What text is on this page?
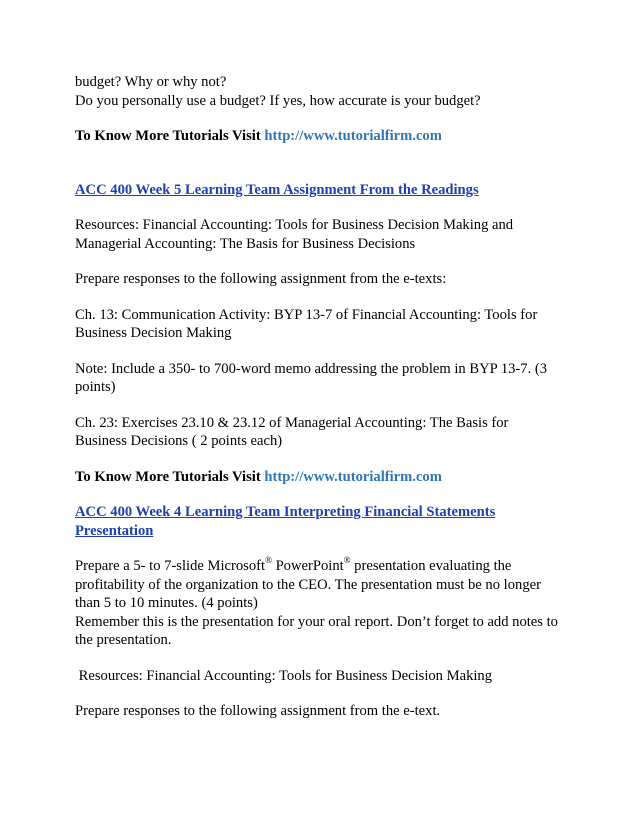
budget? Why or why not?
Do you personally use a budget? If yes, how accurate is your budget?
To Know More Tutorials Visit http://www.tutorialfirm.com
ACC 400 Week 5 Learning Team Assignment From the Readings
Resources: Financial Accounting: Tools for Business Decision Making and
Managerial Accounting: The Basis for Business Decisions
Prepare responses to the following assignment from the e-texts:
Ch. 13: Communication Activity: BYP 13-7 of Financial Accounting: Tools for
Business Decision Making
Note: Include a 350- to 700-word memo addressing the problem in BYP 13-7. (3
points)
Ch. 23: Exercises 23.10 & 23.12 of Managerial Accounting: The Basis for
Business Decisions ( 2 points each)
To Know More Tutorials Visit http://www.tutorialfirm.com
ACC 400 Week 4 Learning Team Interpreting Financial Statements
Presentation
Prepare a 5- to 7-slide Microsoft® PowerPoint® presentation evaluating the
profitability of the organization to the CEO. The presentation must be no longer
than 5 to 10 minutes. (4 points)
Remember this is the presentation for your oral report. Don’t forget to add notes to
the presentation.
Resources: Financial Accounting: Tools for Business Decision Making
Prepare responses to the following assignment from the e-text.
